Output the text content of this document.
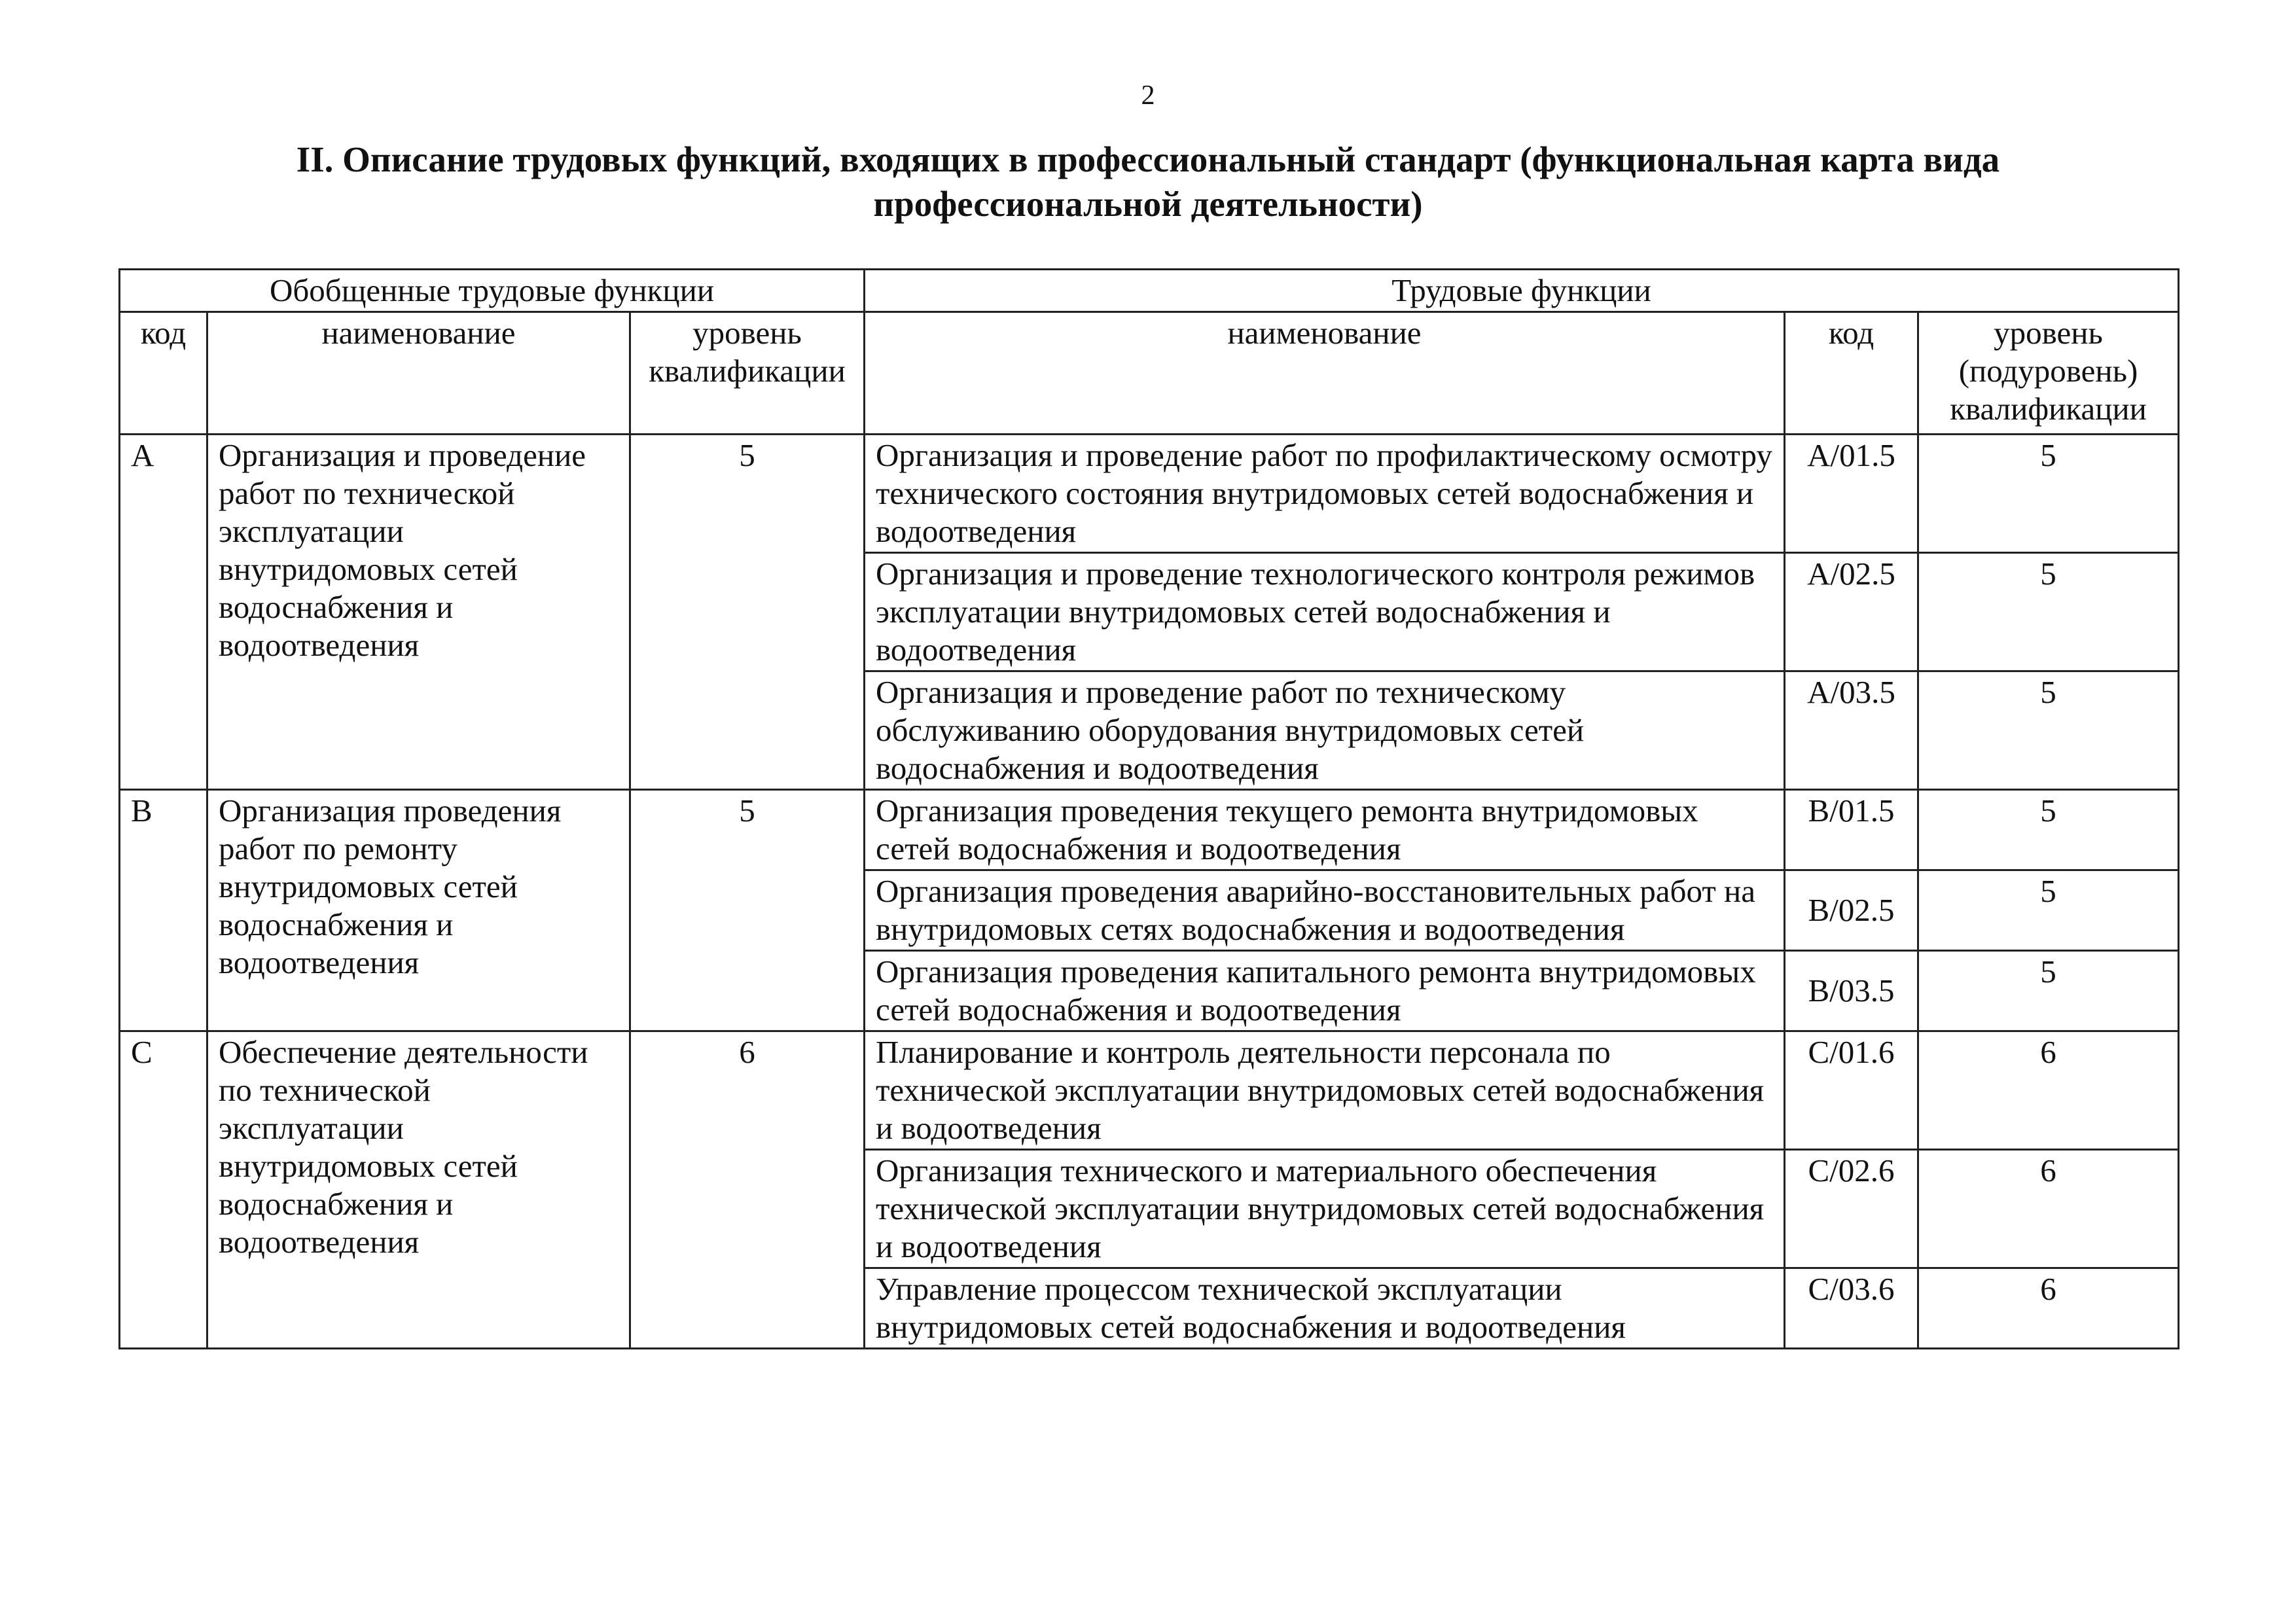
2
II. Описание трудовых функций, входящих в профессиональный стандарт (функциональная карта вида
профессиональной деятельности)
Обобщенные трудовые функции			Трудовые функции		
код	наименование	уровень квалификации	наименование	код	уровень (подуровень) квалификации
A	Организация и проведение работ по технической эксплуатации внутридомовых сетей водоснабжения и водоотведения	5	Организация и проведение работ по профилактическому осмотру технического состояния внутридомовых сетей водоснабжения и водоотведения	A/01.5	5
			Организация и проведение технологического контроля режимов эксплуатации внутридомовых сетей водоснабжения и водоотведения	A/02.5	5
			Организация и проведение работ по техническому обслуживанию оборудования внутридомовых сетей водоснабжения и водоотведения	A/03.5	5
B	Организация проведения работ по ремонту внутридомовых сетей водоснабжения и водоотведения	5	Организация проведения текущего ремонта внутридомовых сетей водоснабжения и водоотведения	B/01.5	5
			Организация проведения аварийно-восстановительных работ на внутридомовых сетях водоснабжения и водоотведения	B/02.5	5
			Организация проведения капитального ремонта внутридомовых сетей водоснабжения и водоотведения	B/03.5	5
C	Обеспечение деятельности по технической эксплуатации внутридомовых сетей водоснабжения и водоотведения	6	Планирование и контроль деятельности персонала по технической эксплуатации внутридомовых сетей водоснабжения и водоотведения	C/01.6	6
			Организация технического и материального обеспечения технической эксплуатации внутридомовых сетей водоснабжения и водоотведения	C/02.6	6
			Управление процессом технической эксплуатации внутридомовых сетей водоснабжения и водоотведения	C/03.6	6
